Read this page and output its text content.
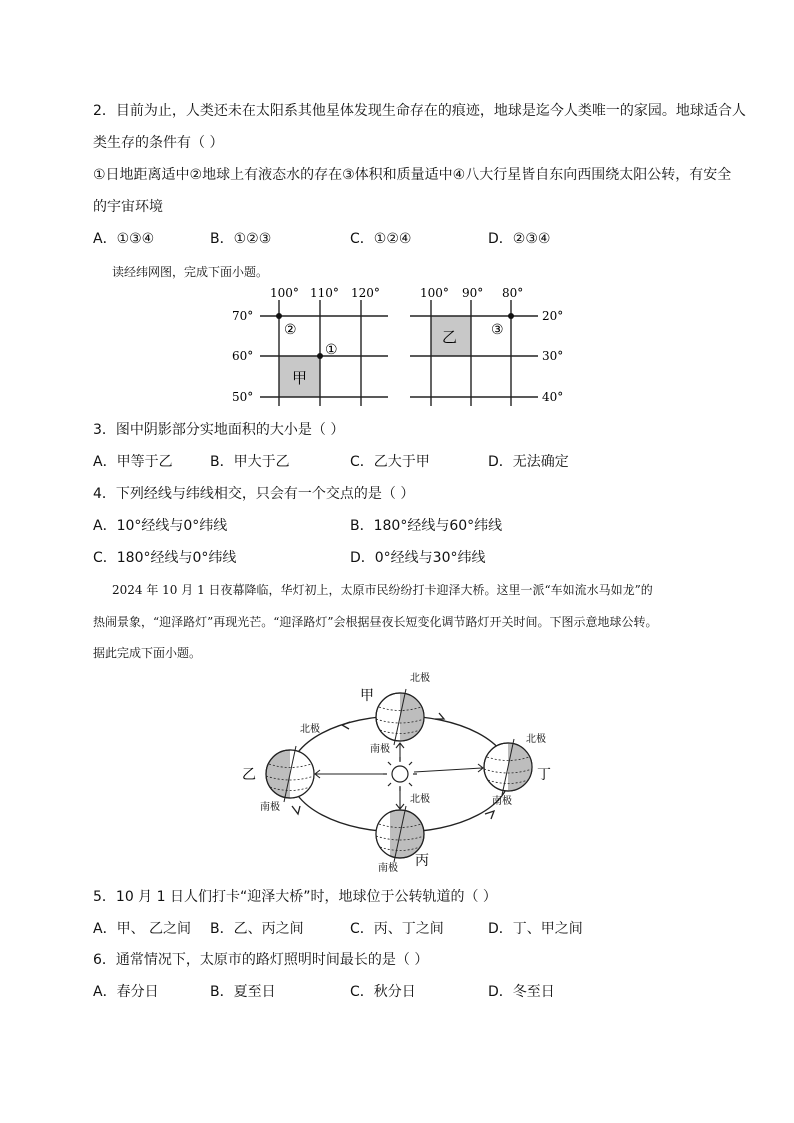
2．目前为止，人类还未在太阳系其他星体发现生命存在的痕迹，地球是迄今人类唯一的家园。地球适合人
类生存的条件有（ ）
①日地距离适中②地球上有液态水的存在③体积和质量适中④八大行星皆自东向西围绕太阳公转，有安全
的宇宙环境
A．①③④	B．①②③	C．①②④	D．②③④
读经纬网图，完成下面小题。
100° 110° 120°
70°
60°
50°
②
①
甲
100° 90° 80°
20°
30°
40°
③
乙
3．图中阴影部分实地面积的大小是（ ）
A．甲等于乙	B．甲大于乙	C．乙大于甲	D．无法确定
4．下列经线与纬线相交，只会有一个交点的是（ ）
A．10°经线与0°纬线	B．180°经线与60°纬线
C．180°经线与0°纬线	D．0°经线与30°纬线
2024 年 10 月 1 日夜幕降临，华灯初上，太原市民纷纷打卡迎泽大桥。这里一派“车如流水马如龙”的
热闹景象，“迎泽路灯”再现光芒。“迎泽路灯”会根据昼夜长短变化调节路灯开关时间。下图示意地球公转。
据此完成下面小题。
甲
北极
南极
乙
北极
南极
丁
北极
南极
丙
北极
南极
5．10 月 1 日人们打卡“迎泽大桥”时，地球位于公转轨道的（ ）
A．甲、 乙之间 B．乙、丙之间	C．丙、丁之间	D．丁、甲之间
6．通常情况下，太原市的路灯照明时间最长的是（ ）
A．春分日	B．夏至日	C．秋分日	D．冬至日
